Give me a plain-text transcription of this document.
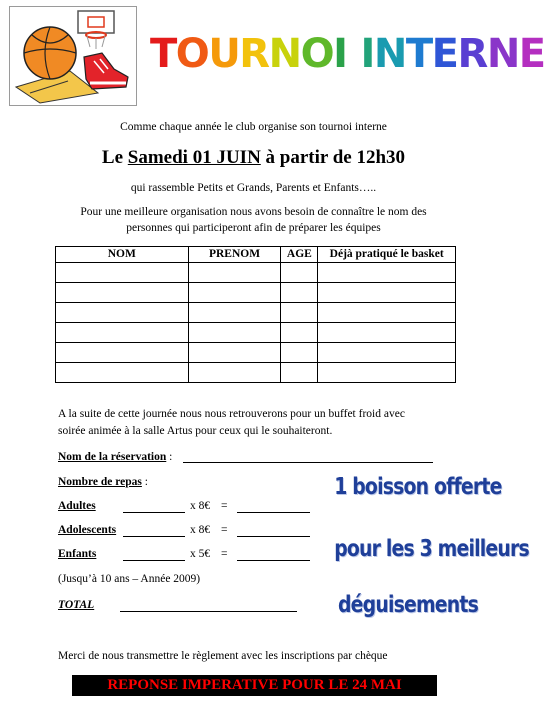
TOURNOI INTERNE
Comme chaque année le club organise son tournoi interne
Le Samedi 01 JUIN à partir de 12h30
qui rassemble Petits et Grands, Parents et Enfants…..
Pour une meilleure organisation nous avons besoin de connaître le nom des
personnes qui participeront afin de préparer les équipes
NOM	PRENOM	AGE	Déjà pratiqué le basket

A la suite de cette journée nous nous retrouverons pour un buffet froid avec
soirée animée à la salle Artus pour ceux qui le souhaiteront.
Nom de la réservation :
Nombre de repas :
Adultes	x 8€ =
Adolescents	x 8€ =
Enfants	x 5€ =
(Jusqu’à 10 ans – Année 2009)
TOTAL
1 boisson offerte
pour les 3 meilleurs
déguisements
Merci de nous transmettre le règlement avec les inscriptions par chèque
REPONSE IMPERATIVE POUR LE 24 MAI
